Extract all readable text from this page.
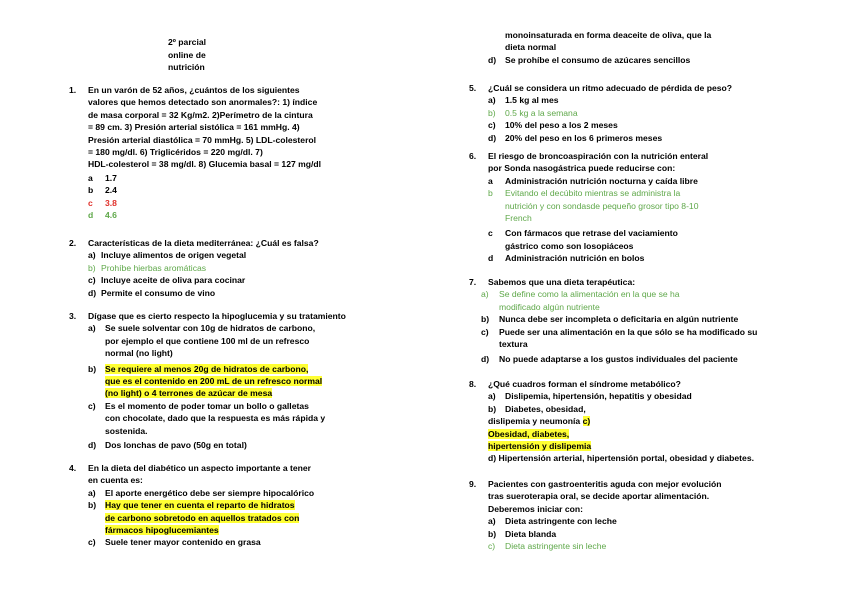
2º parcial
online de
nutrición
1. En un varón de 52 años, ¿cuántos de los siguientes
valores que hemos detectado son anormales?: 1) índice
de masa corporal = 32 Kg/m2. 2)Perímetro de la cintura
= 89 cm. 3) Presión arterial sistólica = 161 mmHg. 4)
Presión arterial diastólica = 70 mmHg. 5) LDL-colesterol
= 180 mg/dl. 6) Triglicéridos = 220 mg/dl. 7)
HDL-colesterol = 38 mg/dl. 8) Glucemia basal = 127 mg/dl
a 1.7
b 2.4
c 3.8
d 4.6
2. Características de la dieta mediterránea: ¿Cuál es falsa?
a) Incluye alimentos de origen vegetal
b) Prohíbe hierbas aromáticas
c) Incluye aceite de oliva para cocinar
d) Permite el consumo de vino
3. Dígase que es cierto respecto la hipoglucemia y su tratamiento
a) Se suele solventar con 10g de hidratos de carbono,
por ejemplo el que contiene 100 ml de un refresco
normal (no light)
b) Se requiere al menos 20g de hidratos de carbono,
que es el contenido en 200 mL de un refresco normal
(no light) o 4 terrones de azúcar de mesa
c) Es el momento de poder tomar un bollo o galletas
con chocolate, dado que la respuesta es más rápida y
sostenida.
d) Dos lonchas de pavo (50g en total)
4. En la dieta del diabético un aspecto importante a tener
en cuenta es:
a) El aporte energético debe ser siempre hipocalórico
b) Hay que tener en cuenta el reparto de hidratos
de carbono sobretodo en aquellos tratados con
fármacos hipoglucemiantes
c) Suele tener mayor contenido en grasa
monoinsaturada en forma deaceite de oliva, que la
dieta normal
d) Se prohíbe el consumo de azúcares sencillos
5. ¿Cuál se considera un ritmo adecuado de pérdida de peso?
a) 1.5 kg al mes
b) 0.5 kg a la semana
c) 10% del peso a los 2 meses
d) 20% del peso en los 6 primeros meses
6. El riesgo de broncoaspiración con la nutrición enteral
por Sonda nasogástrica puede reducirse con:
a Administración nutrición nocturna y caída libre
b Evitando el decúbito mientras se administra la
nutrición y con sondasde pequeño grosor tipo 8-10
French
c Con fármacos que retrase del vaciamiento
gástrico como son losopiáceos
d Administración nutrición en bolos
7. Sabemos que una dieta terapéutica:
a) Se define como la alimentación en la que se ha
modificado algún nutriente
b) Nunca debe ser incompleta o deficitaria en algún nutriente
c) Puede ser una alimentación en la que sólo se ha modificado su
textura
d) No puede adaptarse a los gustos individuales del paciente
8. ¿Qué cuadros forman el síndrome metabólico?
a) Dislipemia, hipertensión, hepatitis y obesidad
b) Diabetes, obesidad,
dislipemia y neumonía c)
Obesidad, diabetes,
hipertensión y dislipemia
d) Hipertensión arterial, hipertensión portal, obesidad y diabetes.
9. Pacientes con gastroenteritis aguda con mejor evolución
tras sueroterapia oral, se decide aportar alimentación.
Deberemos iniciar con:
a) Dieta astringente con leche
b) Dieta blanda
c) Dieta astringente sin leche
